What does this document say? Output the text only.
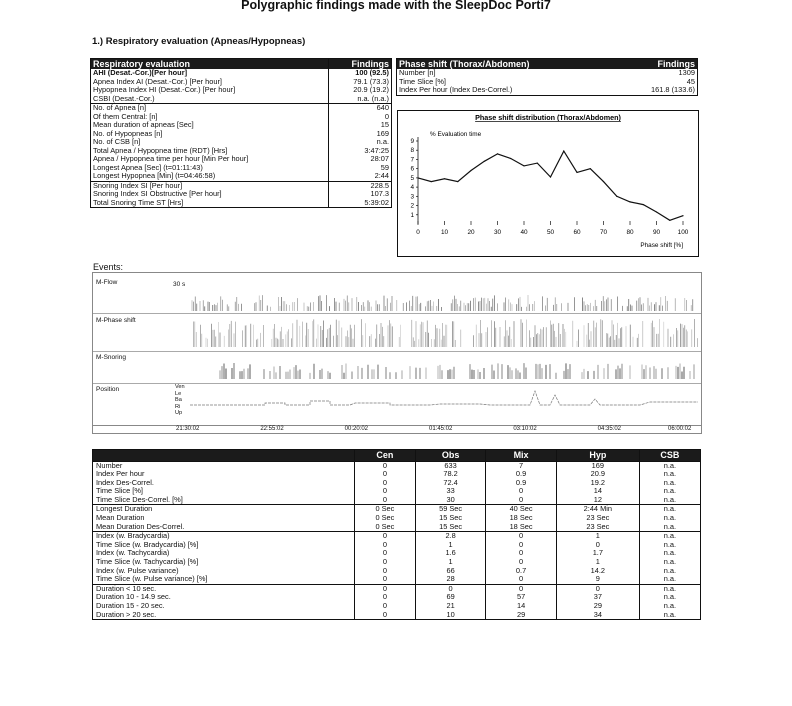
Polygraphic findings made with the SleepDoc Porti7
1.) Respiratory evaluation (Apneas/Hypopneas)
Respiratory evaluation	Findings
AHI (Desat.-Cor.)[Per hour]	100 (92.5)
Apnea Index AI (Desat.-Cor.) [Per hour]	79.1 (73.3)
Hypopnea Index HI (Desat.-Cor.) [Per hour]	20.9 (19.2)
CSBI (Desat.-Cor.)	n.a. (n.a.)
No. of Apnea [n]	640
Of them Central: [n]	0
Mean duration of apneas [Sec]	15
No. of Hypopneas [n]	169
No. of CSB [n]	n.a.
Total Apnea / Hypopnea time (RDT) [Hrs]	3:47:25
Apnea / Hypopnea time per hour [Min Per hour]	28:07
Longest Apnea [Sec] (t=01:11:43)	59
Longest Hypopnea [Min] (t=04:46:58)	2:44
Snoring Index SI [Per hour]	228.5
Snoring Index SI Obstructive [Per hour]	107.3
Total Snoring Time ST [Hrs]	5:39:02
Phase shift (Thorax/Abdomen)	Findings
Number [n]	1309
Time Slice [%]	45
Index Per hour (Index Des-Correl.)	161.8 (133.6)
Phase shift distribution (Thorax/Abdomen)
% Evaluation time
Phase shift [%]
1
2
3
4
5
6
7
8
9
0	10	20	30	40	50	60	70	80	90	100
Events:
M-Flow	30 s
M-Phase shift
M-Snoring
Position	Ven
Le
Ba
Ri
Up
21:30:02	22:55:02	00:20:02	01:45:02	03:10:02	04:35:02	06:00:02
	Cen	Obs	Mix	Hyp	CSB
Number	0	633	7	169	n.a.
Index Per hour	0	78.2	0.9	20.9	n.a.
Index Des-Correl.	0	72.4	0.9	19.2	n.a.
Time Slice [%]	0	33	0	14	n.a.
Time Slice Des-Correl. [%]	0	30	0	12	n.a.
Longest Duration	0 Sec	59 Sec	40 Sec	2:44 Min	n.a.
Mean Duration	0 Sec	15 Sec	18 Sec	23 Sec	n.a.
Mean Duration Des-Correl.	0 Sec	15 Sec	18 Sec	23 Sec	n.a.
Index (w. Bradycardia)	0	2.8	0	1	n.a.
Time Slice (w. Bradycardia) [%]	0	1	0	0	n.a.
Index (w. Tachycardia)	0	1.6	0	1.7	n.a.
Time Slice (w. Tachycardia) [%]	0	1	0	1	n.a.
Index (w. Pulse variance)	0	66	0.7	14.2	n.a.
Time Slice (w. Pulse variance) [%]	0	28	0	9	n.a.
Duration < 10 sec.	0	0	0	0	n.a.
Duration 10 - 14.9 sec.	0	69	57	37	n.a.
Duration 15 - 20 sec.	0	21	14	29	n.a.
Duration > 20 sec.	0	10	29	34	n.a.
